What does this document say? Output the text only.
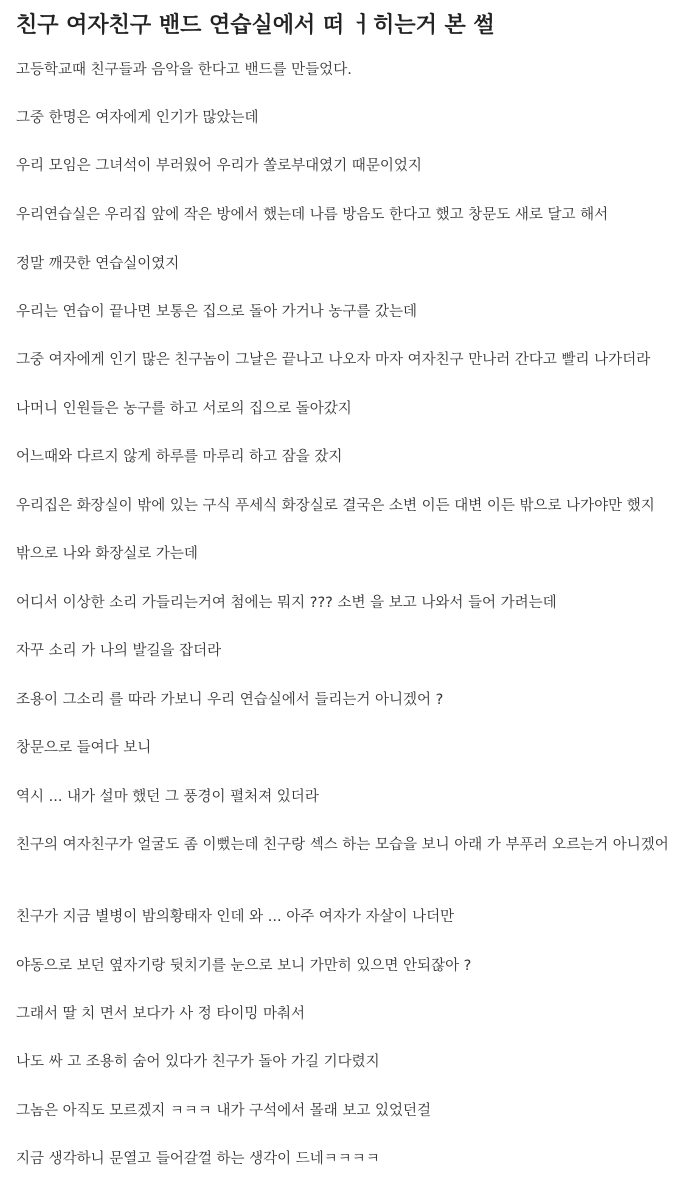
친구 여자친구 밴드 연습실에서 떠 ㅓ히는거 본 썰

고등학교때 친구들과 음악을 한다고 밴드를 만들었다.

그중 한명은 여자에게 인기가 많았는데

우리 모임은 그녀석이 부러웠어 우리가 쏠로부대였기 때문이었지

우리연습실은 우리집 앞에 작은 방에서 했는데 나름 방음도 한다고 했고 창문도 새로 달고 해서

정말 깨끗한 연습실이였지

우리는 연습이 끝나면 보통은 집으로 돌아 가거나 농구를 갔는데

그중 여자에게 인기 많은 친구놈이 그날은 끝나고 나오자 마자 여자친구 만나러 간다고 빨리 나가더라

나머니 인원들은 농구를 하고 서로의 집으로 돌아갔지

어느때와 다르지 않게 하루를 마루리 하고 잠을 잤지

우리집은 화장실이 밖에 있는 구식 푸세식 화장실로 결국은 소변 이든 대변 이든 밖으로 나가야만 했지

밖으로 나와 화장실로 가는데

어디서 이상한 소리 가들리는거여 첨에는 뭐지 ??? 소변 을 보고 나와서 들어 가려는데

자꾸 소리 가 나의 발길을 잡더라

조용이 그소리 를 따라 가보니 우리 연습실에서 들리는거 아니겠어 ?

창문으로 들여다 보니

역시 ... 내가 설마 했던 그 풍경이 펼처져 있더라

친구의 여자친구가 얼굴도 좀 이뻤는데 친구랑 섹스 하는 모습을 보니 아래 가 부푸러 오르는거 아니겠어

친구가 지금 별병이 밤의황태자 인데 와 ... 아주 여자가 자살이 나더만

야동으로 보던 옆자기랑 뒷치기를 눈으로 보니 가만히 있으면 안되잖아 ?

그래서 딸 치 면서 보다가 사 정 타이밍 마춰서

나도 싸 고 조용히 숨어 있다가 친구가 돌아 가길 기다렸지

그놈은 아직도 모르겠지 ㅋㅋㅋ 내가 구석에서 몰래 보고 있었던걸

지금 생각하니 문열고 들어갈껄 하는 생각이 드네ㅋㅋㅋㅋ
